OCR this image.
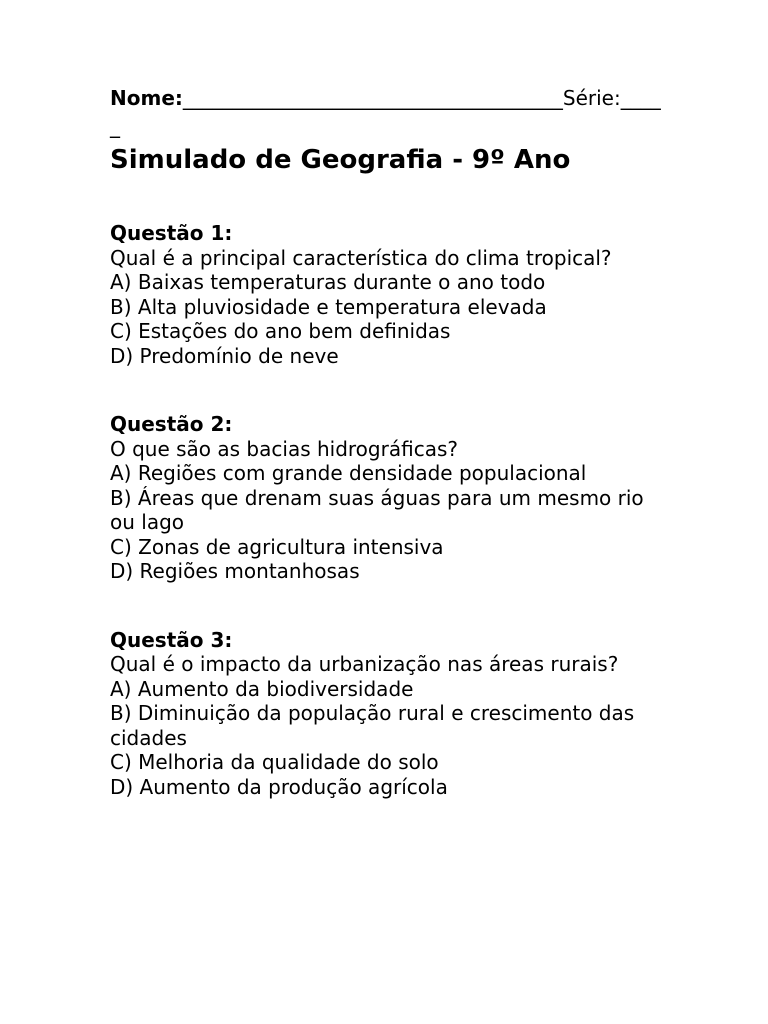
Nome:______________________________________Série:_____
Simulado de Geografia - 9º Ano
Questão 1:
Qual é a principal característica do clima tropical?
A) Baixas temperaturas durante o ano todo
B) Alta pluviosidade e temperatura elevada
C) Estações do ano bem definidas
D) Predomínio de neve
Questão 2:
O que são as bacias hidrográficas?
A) Regiões com grande densidade populacional
B) Áreas que drenam suas águas para um mesmo rio ou lago
C) Zonas de agricultura intensiva
D) Regiões montanhosas
Questão 3:
Qual é o impacto da urbanização nas áreas rurais?
A) Aumento da biodiversidade
B) Diminuição da população rural e crescimento das cidades
C) Melhoria da qualidade do solo
D) Aumento da produção agrícola
